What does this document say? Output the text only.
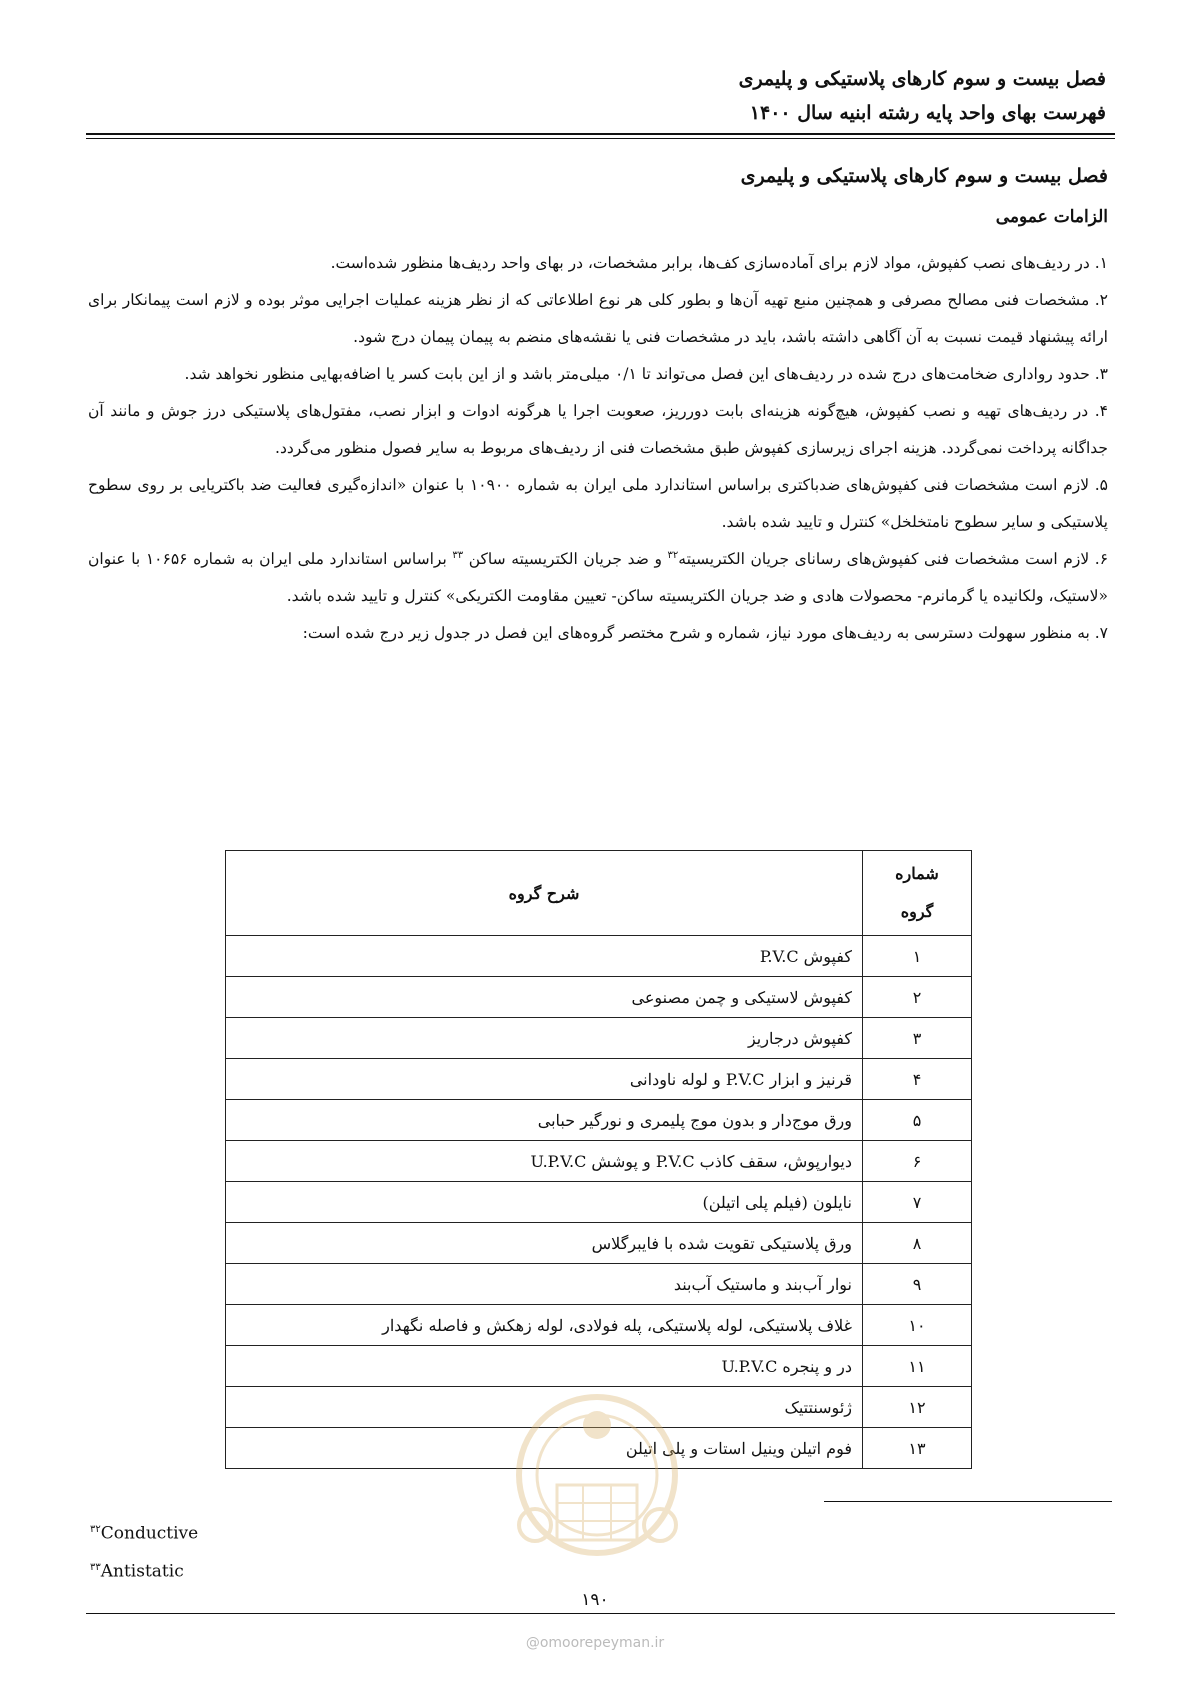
فصل بیست و سوم کارهای پلاستیکی و پلیمری
فهرست بهای واحد پایه رشته ابنیه سال ۱۴۰۰
فصل بیست و سوم کارهای پلاستیکی و پلیمری
الزامات عمومی

۱. در ردیف‌های نصب کفپوش، مواد لازم برای آماده‌سازی کف‌ها، برابر مشخصات، در بهای واحد ردیف‌ها منظور شده‌است.

۲. مشخصات فنی مصالح مصرفی و همچنین منبع تهیه آن‌ها و بطور کلی هر نوع اطلاعاتی که از نظر هزینه عملیات اجرایی موثر بوده و لازم است پیمانکار برای ارائه پیشنهاد قیمت نسبت به آن آگاهی داشته باشد، باید در مشخصات فنی یا نقشه‌های منضم به پیمان پیمان درج شود.

۳. حدود رواداری ضخامت‌های درج شده در ردیف‌های این فصل می‌تواند تا ۰/۱ میلی‌متر باشد و از این بابت کسر یا اضافه‌بهایی منظور نخواهد شد.

۴. در ردیف‌های تهیه و نصب کفپوش، هیچ‌گونه هزینه‌ای بابت دورریز، صعوبت اجرا یا هرگونه ادوات و ابزار نصب، مفتول‌های پلاستیکی درز جوش و مانند آن جداگانه پرداخت نمی‌گردد. هزینه اجرای زیرسازی کفپوش طبق مشخصات فنی از ردیف‌های مربوط به سایر فصول منظور می‌گردد.

۵. لازم است مشخصات فنی کفپوش‌های ضدباکتری براساس استاندارد ملی ایران به شماره ۱۰۹۰۰ با عنوان «اندازه‌گیری فعالیت ضد باکتریایی بر روی سطوح پلاستیکی و سایر سطوح نامتخلخل» کنترل و تایید شده باشد.

۶. لازم است مشخصات فنی کفپوش‌های رسانای جریان الکتریسیته$^{۳۲}$ و ضد جریان الکتریسیته ساکن $^{۳۳}$ براساس استاندارد ملی ایران به شماره ۱۰۶۵۶ با عنوان «لاستیک، ولکانیده یا گرمانرم- محصولات هادی و ضد جریان الکتریسیته ساکن- تعیین مقاومت الکتریکی» کنترل و تایید شده باشد.

۷. به منظور سهولت دسترسی به ردیف‌های مورد نیاز، شماره و شرح مختصر گروه‌های این فصل در جدول زیر درج شده است:

شماره
گروه	شرح گروه
۱	کفپوش P.V.C
۲	کفپوش لاستیکی و چمن مصنوعی
۳	کفپوش درجاریز
۴	قرنیز و ابزار P.V.C و لوله ناودانی
۵	ورق موج‌دار و بدون موج پلیمری و نورگیر حبابی
۶	دیوارپوش، سقف کاذب P.V.C و پوشش U.P.V.C
۷	نایلون (فیلم پلی اتیلن)
۸	ورق پلاستیکی تقویت شده با فایبرگلاس
۹	نوار آب‌بند و ماستیک آب‌بند
۱۰	غلاف پلاستیکی، لوله پلاستیکی، پله فولادی، لوله زهکش و فاصله نگهدار
۱۱	در و پنجره U.P.V.C
۱۲	ژئوسنتتیک
۱۳	فوم اتیلن وینیل استات و پلی اتیلن
$^{۳۲}$Conductive
$^{۳۳}$Antistatic
۱۹۰
@omoorepeyman.ir
